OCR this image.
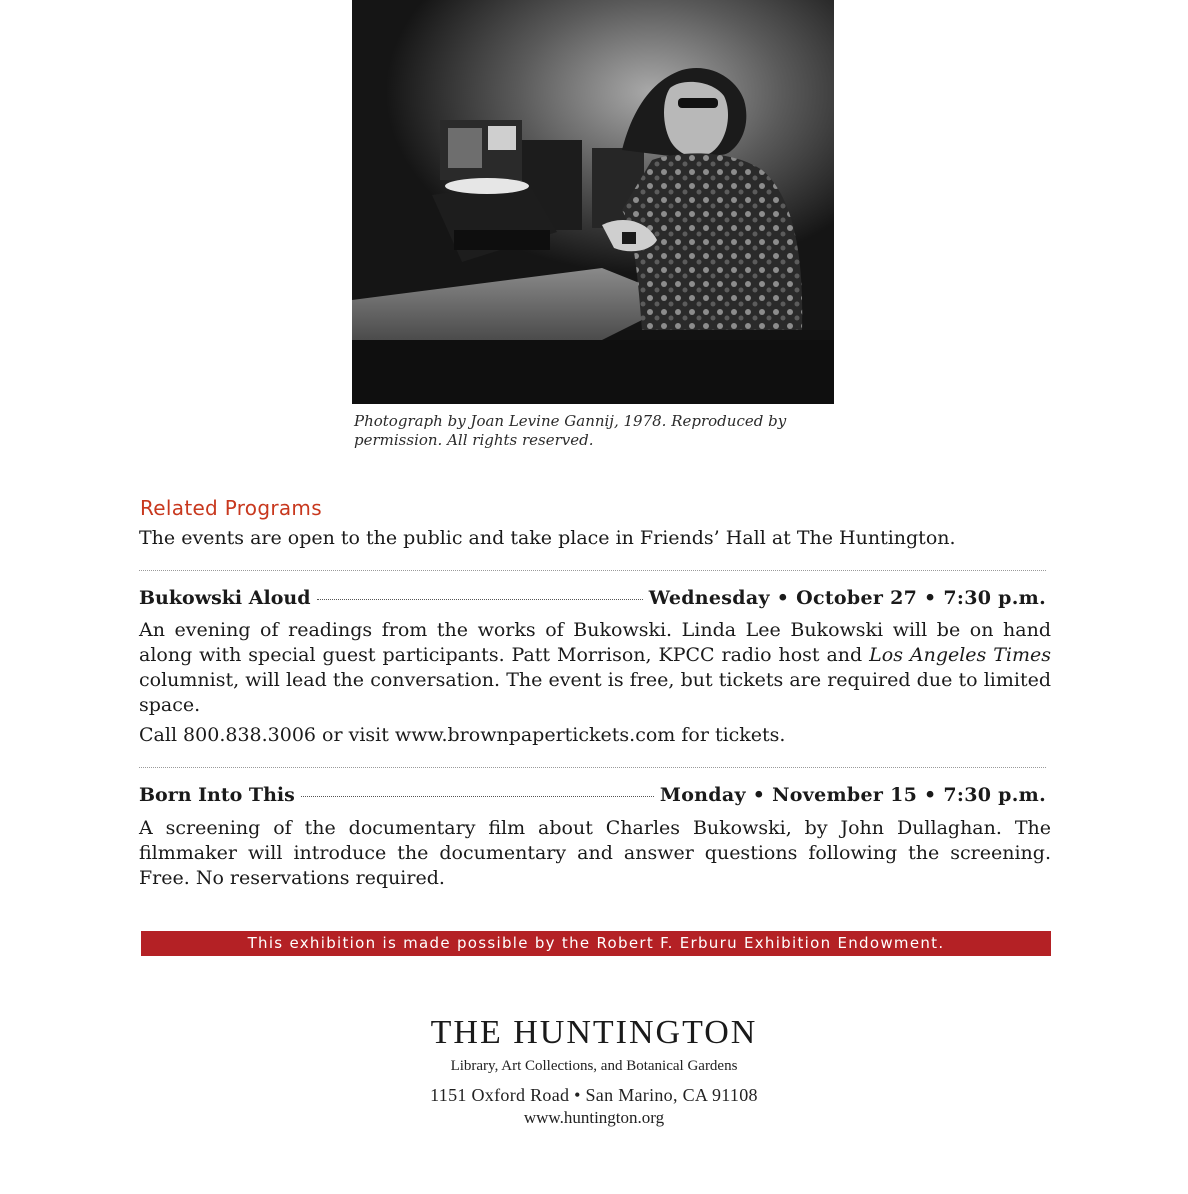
Photograph by Joan Levine Gannij, 1978. Reproduced by permission. All rights reserved.
Related Programs
The events are open to the public and take place in Friends’ Hall at The Huntington.
Bukowski Aloud	Wednesday • October 27 • 7:30 p.m.
An evening of readings from the works of Bukowski. Linda Lee Bukowski will be on hand along with special guest participants. Patt Morrison, KPCC radio host and Los Angeles Times columnist, will lead the conversation. The event is free, but tickets are required due to limited space.
Call 800.838.3006 or visit www.brownpapertickets.com for tickets.
Born Into This	Monday • November 15 • 7:30 p.m.
A screening of the documentary film about Charles Bukowski, by John Dullaghan. The filmmaker will introduce the documentary and answer questions following the screening. Free. No reservations required.
This exhibition is made possible by the Robert F. Erburu Exhibition Endowment.
THE HUNTINGTON
Library, Art Collections, and Botanical Gardens
1151 Oxford Road • San Marino, CA 91108
www.huntington.org
